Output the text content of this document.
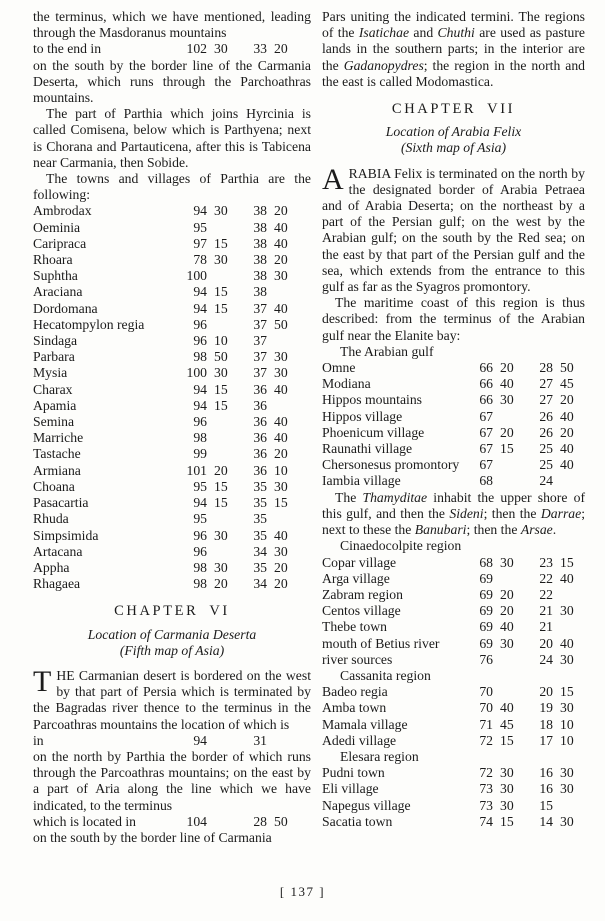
the terminus, which we have mentioned, leading through the Masdoranus mountains

to the end in	102 30	33 20

on the south by the border line of the Carmania Deserta, which runs through the Parchoathras mountains.

The part of Parthia which joins Hyrcinia is called Comisena, below which is Parthyena; next is Chorana and Partauticena, after this is Tabicena near Carmania, then Sobide.

The towns and villages of Parthia are the following:

Ambrodax	94 30	38 20
Oeminia	95	38 40
Caripraca	97 15	38 40
Rhoara	78 30	38 20
Suphtha	100	38 30
Araciana	94 15	38
Dordomana	94 15	37 40
Hecatompylon regia	96	37 50
Sindaga	96 10	37
Parbara	98 50	37 30
Mysia	100 30	37 30
Charax	94 15	36 40
Apamia	94 15	36
Semina	96	36 40
Marriche	98	36 40
Tastache	99	36 20
Armiana	101 20	36 10
Choana	95 15	35 30
Pasacartia	94 15	35 15
Rhuda	95	35
Simpsimida	96 30	35 40
Artacana	96	34 30
Appha	98 30	35 20
Rhagaea	98 20	34 20
CHAPTER VI
Location of Carmania Deserta
(Fifth map of Asia)

THE Carmanian desert is bordered on the west by that part of Persia which is terminated by the Bagradas river thence to the terminus in the Parcoathras mountains the location of which is

in	94	31

on the north by Parthia the border of which runs through the Parcoathras mountains; on the east by a part of Aria along the line which we have indicated, to the terminus

which is located in	104	28 50

on the south by the border line of Carmania

Pars uniting the indicated termini. The regions of the Isatichae and Chuthi are used as pasture lands in the southern parts; in the interior are the Gadanopydres; the region in the north and the east is called Modomastica.

CHAPTER VII
Location of Arabia Felix
(Sixth map of Asia)

ARABIA Felix is terminated on the north by the designated border of Arabia Petraea and of Arabia Deserta; on the northeast by a part of the Persian gulf; on the west by the Arabian gulf; on the south by the Red sea; on the east by that part of the Persian gulf and the sea, which extends from the entrance to this gulf as far as the Syagros promontory.

The maritime coast of this region is thus described: from the terminus of the Arabian gulf near the Elanite bay:

The Arabian gulf
Omne	66 20	28 50
Modiana	66 40	27 45
Hippos mountains	66 30	27 20
Hippos village	67	26 40
Phoenicum village	67 20	26 20
Raunathi village	67 15	25 40
Chersonesus promontory	67	25 40
Iambia village	68	24

The Thamyditae inhabit the upper shore of this gulf, and then the Sideni; then the Darrae; next to these the Banubari; then the Arsae.

Cinaedocolpite region
Copar village	68 30	23 15
Arga village	69	22 40
Zabram region	69 20	22
Centos village	69 20	21 30
Thebe town	69 40	21
mouth of Betius river	69 30	20 40
river sources	76	24 30
Cassanita region
Badeo regia	70	20 15
Amba town	70 40	19 30
Mamala village	71 45	18 10
Adedi village	72 15	17 10
Elesara region
Pudni town	72 30	16 30
Eli village	73 30	16 30
Napegus village	73 30	15
Sacatia town	74 15	14 30
[ 137 ]
